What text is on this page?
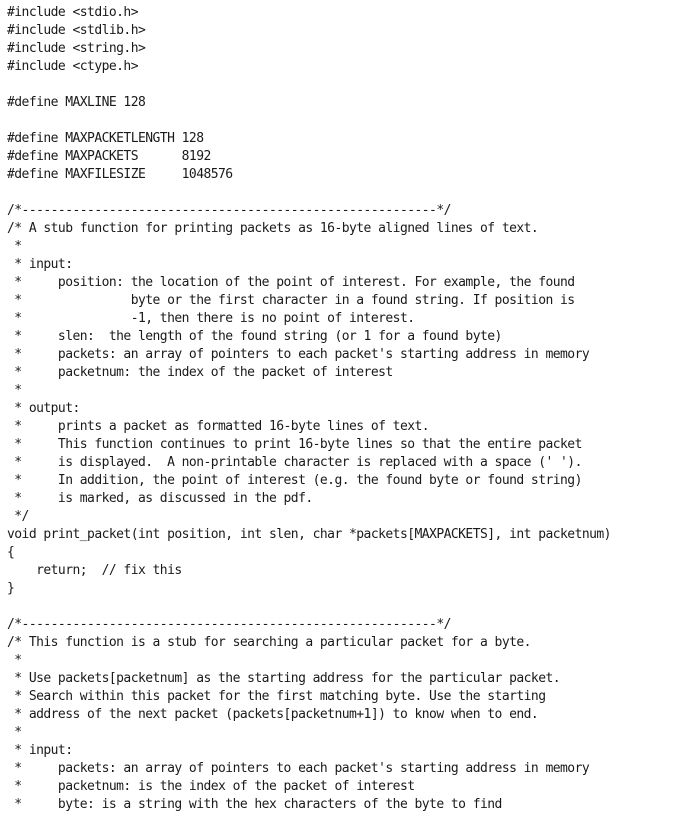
#include <stdio.h>
#include <stdlib.h>
#include <string.h>
#include <ctype.h>
#define MAXLINE 128
#define MAXPACKETLENGTH 128
#define MAXPACKETS      8192
#define MAXFILESIZE     1048576
/*---------------------------------------------------------*/
/* A stub function for printing packets as 16-byte aligned lines of text.
*
* input:
*     position: the location of the point of interest. For example, the found
*               byte or the first character in a found string. If position is
*               -1, then there is no point of interest.
*     slen:  the length of the found string (or 1 for a found byte)
*     packets: an array of pointers to each packet's starting address in memory
*     packetnum: the index of the packet of interest
*
* output:
*     prints a packet as formatted 16-byte lines of text.
*     This function continues to print 16-byte lines so that the entire packet
*     is displayed.  A non-printable character is replaced with a space (' ').
*     In addition, the point of interest (e.g. the found byte or found string)
*     is marked, as discussed in the pdf.
*/
void print_packet(int position, int slen, char *packets[MAXPACKETS], int packetnum)
{
return;  // fix this
}
/*---------------------------------------------------------*/
/* This function is a stub for searching a particular packet for a byte.
*
* Use packets[packetnum] as the starting address for the particular packet.
* Search within this packet for the first matching byte. Use the starting
* address of the next packet (packets[packetnum+1]) to know when to end.
*
* input:
*     packets: an array of pointers to each packet's starting address in memory
*     packetnum: is the index of the packet of interest
*     byte: is a string with the hex characters of the byte to find
